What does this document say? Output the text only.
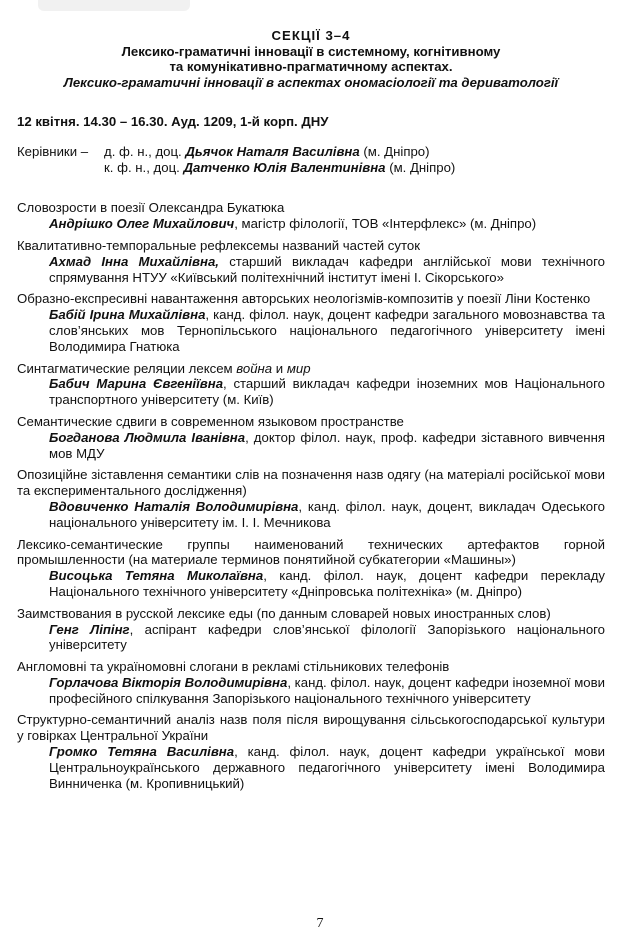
СЕКЦІЇ 3–4
Лексико-граматичні інновації в системному, когнітивному
та комунікативно-прагматичному аспектах.
Лексико-граматичні інновації в аспектах ономасіології та дериватології
12 квітня. 14.30 – 16.30. Ауд. 1209, 1-й корп. ДНУ
Керівники –	д. ф. н., доц. Дьячок Наталя Василівна (м. Дніпро)
к. ф. н., доц. Датченко Юлія Валентинівна (м. Дніпро)
Словозрости в поезії Олександра Букатюка
Андрішко Олег Михайлович, магістр філології, ТОВ «Інтерфлекс» (м. Дніпро)
Квалитативно-темпоральные рефлексемы названий частей суток
Ахмад Інна Михайлівна, старший викладач кафедри англійської мови технічного спрямування НТУУ «Київський політехнічний інститут імені І. Сікорського»
Образно-експресивні навантаження авторських неологізмів-композитів у поезії Ліни Костенко
Бабій Ірина Михайлівна, канд. філол. наук, доцент кафедри загального мовознавства та слов’янських мов Тернопільського національного педагогічного університету імені Володимира Гнатюка
Синтагматические реляции лексем война и мир
Бабич Марина Євгеніївна, старший викладач кафедри іноземних мов Національного транспортного університету (м. Київ)
Семантические сдвиги в современном языковом пространстве
Богданова Людмила Іванівна, доктор філол. наук, проф. кафедри зіставного вивчення мов МДУ
Опозиційне зіставлення семантики слів на позначення назв одягу (на матеріалі російської мови та експериментального дослідження)
Вдовиченко Наталія Володимирівна, канд. філол. наук, доцент, викладач Одеського національного університету ім. І. І. Мечникова
Лексико-семантические группы наименований технических артефактов горной промышленности (на материале терминов понятийной субкатегории «Машины»)
Висоцька Тетяна Миколаївна, канд. філол. наук, доцент кафедри перекладу Національного технічного університету «Дніпровська політехніка» (м. Дніпро)
Заимствования в русской лексике еды (по данным словарей новых иностранных слов)
Генг Ліпінг, аспірант кафедри слов’янської філології Запорізького національного університету
Англомовні та україномовні слогани в рекламі стільникових телефонів
Горлачова Вікторія Володимирівна, канд. філол. наук, доцент кафедри іноземної мови професійного спілкування Запорізького національного технічного університету
Структурно-семантичний аналіз назв поля після вирощування сільськогосподарської культури у говірках Центральної України
Громко Тетяна Василівна, канд. філол. наук, доцент кафедри української мови Центральноукраїнського державного педагогічного університету імені Володимира Винниченка (м. Кропивницький)
7
